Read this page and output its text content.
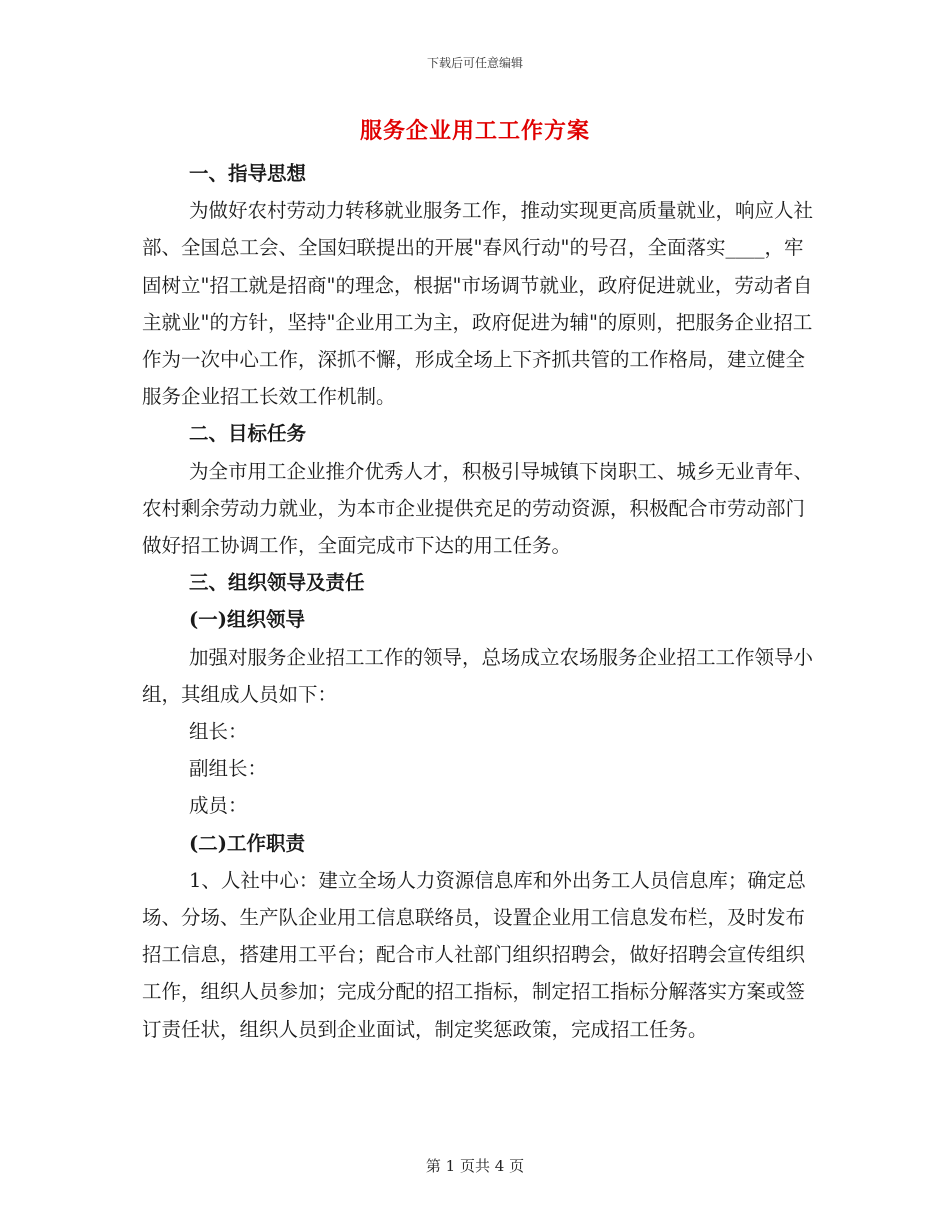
下载后可任意编辑
服务企业用工工作方案

一、指导思想

为做好农村劳动力转移就业服务工作，推动实现更高质量就业，响应人社部、全国总工会、全国妇联提出的开展"春风行动"的号召，全面落实____，牢固树立"招工就是招商"的理念，根据"市场调节就业，政府促进就业，劳动者自主就业"的方针，坚持"企业用工为主，政府促进为辅"的原则，把服务企业招工作为一次中心工作，深抓不懈，形成全场上下齐抓共管的工作格局，建立健全服务企业招工长效工作机制。

二、目标任务

为全市用工企业推介优秀人才，积极引导城镇下岗职工、城乡无业青年、农村剩余劳动力就业，为本市企业提供充足的劳动资源，积极配合市劳动部门做好招工协调工作，全面完成市下达的用工任务。

三、组织领导及责任

(一)组织领导

加强对服务企业招工工作的领导，总场成立农场服务企业招工工作领导小组，其组成人员如下：

组长：

副组长：

成员：

(二)工作职责

1、人社中心：建立全场人力资源信息库和外出务工人员信息库；确定总场、分场、生产队企业用工信息联络员，设置企业用工信息发布栏，及时发布招工信息，搭建用工平台；配合市人社部门组织招聘会，做好招聘会宣传组织工作，组织人员参加；完成分配的招工指标，制定招工指标分解落实方案或签订责任状，组织人员到企业面试，制定奖惩政策，完成招工任务。

第 1 页共 4 页
